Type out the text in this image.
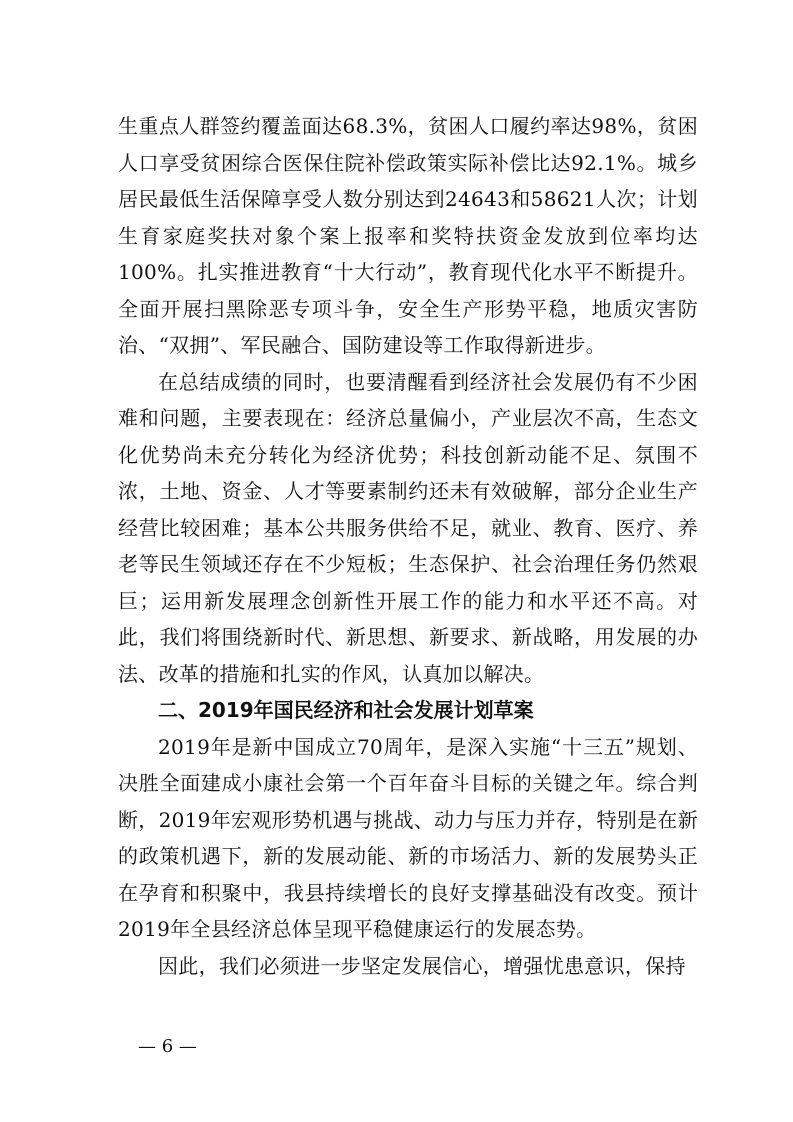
生重点人群签约覆盖面达68.3%，贫困人口履约率达98%，贫困人口享受贫困综合医保住院补偿政策实际补偿比达92.1%。城乡居民最低生活保障享受人数分别达到24643和58621人次；计划生育家庭奖扶对象个案上报率和奖特扶资金发放到位率均达100%。扎实推进教育“十大行动”，教育现代化水平不断提升。全面开展扫黑除恶专项斗争，安全生产形势平稳，地质灾害防治、“双拥”、军民融合、国防建设等工作取得新进步。

在总结成绩的同时，也要清醒看到经济社会发展仍有不少困难和问题，主要表现在：经济总量偏小，产业层次不高，生态文化优势尚未充分转化为经济优势；科技创新动能不足、氛围不浓，土地、资金、人才等要素制约还未有效破解，部分企业生产经营比较困难；基本公共服务供给不足，就业、教育、医疗、养老等民生领域还存在不少短板；生态保护、社会治理任务仍然艰巨；运用新发展理念创新性开展工作的能力和水平还不高。对此，我们将围绕新时代、新思想、新要求、新战略，用发展的办法、改革的措施和扎实的作风，认真加以解决。

二、2019年国民经济和社会发展计划草案

2019年是新中国成立70周年，是深入实施“十三五”规划、决胜全面建成小康社会第一个百年奋斗目标的关键之年。综合判断，2019年宏观形势机遇与挑战、动力与压力并存，特别是在新的政策机遇下，新的发展动能、新的市场活力、新的发展势头正在孕育和积聚中，我县持续增长的良好支撑基础没有改变。预计2019年全县经济总体呈现平稳健康运行的发展态势。

因此，我们必须进一步坚定发展信心，增强忧患意识，保持

— 6 —
